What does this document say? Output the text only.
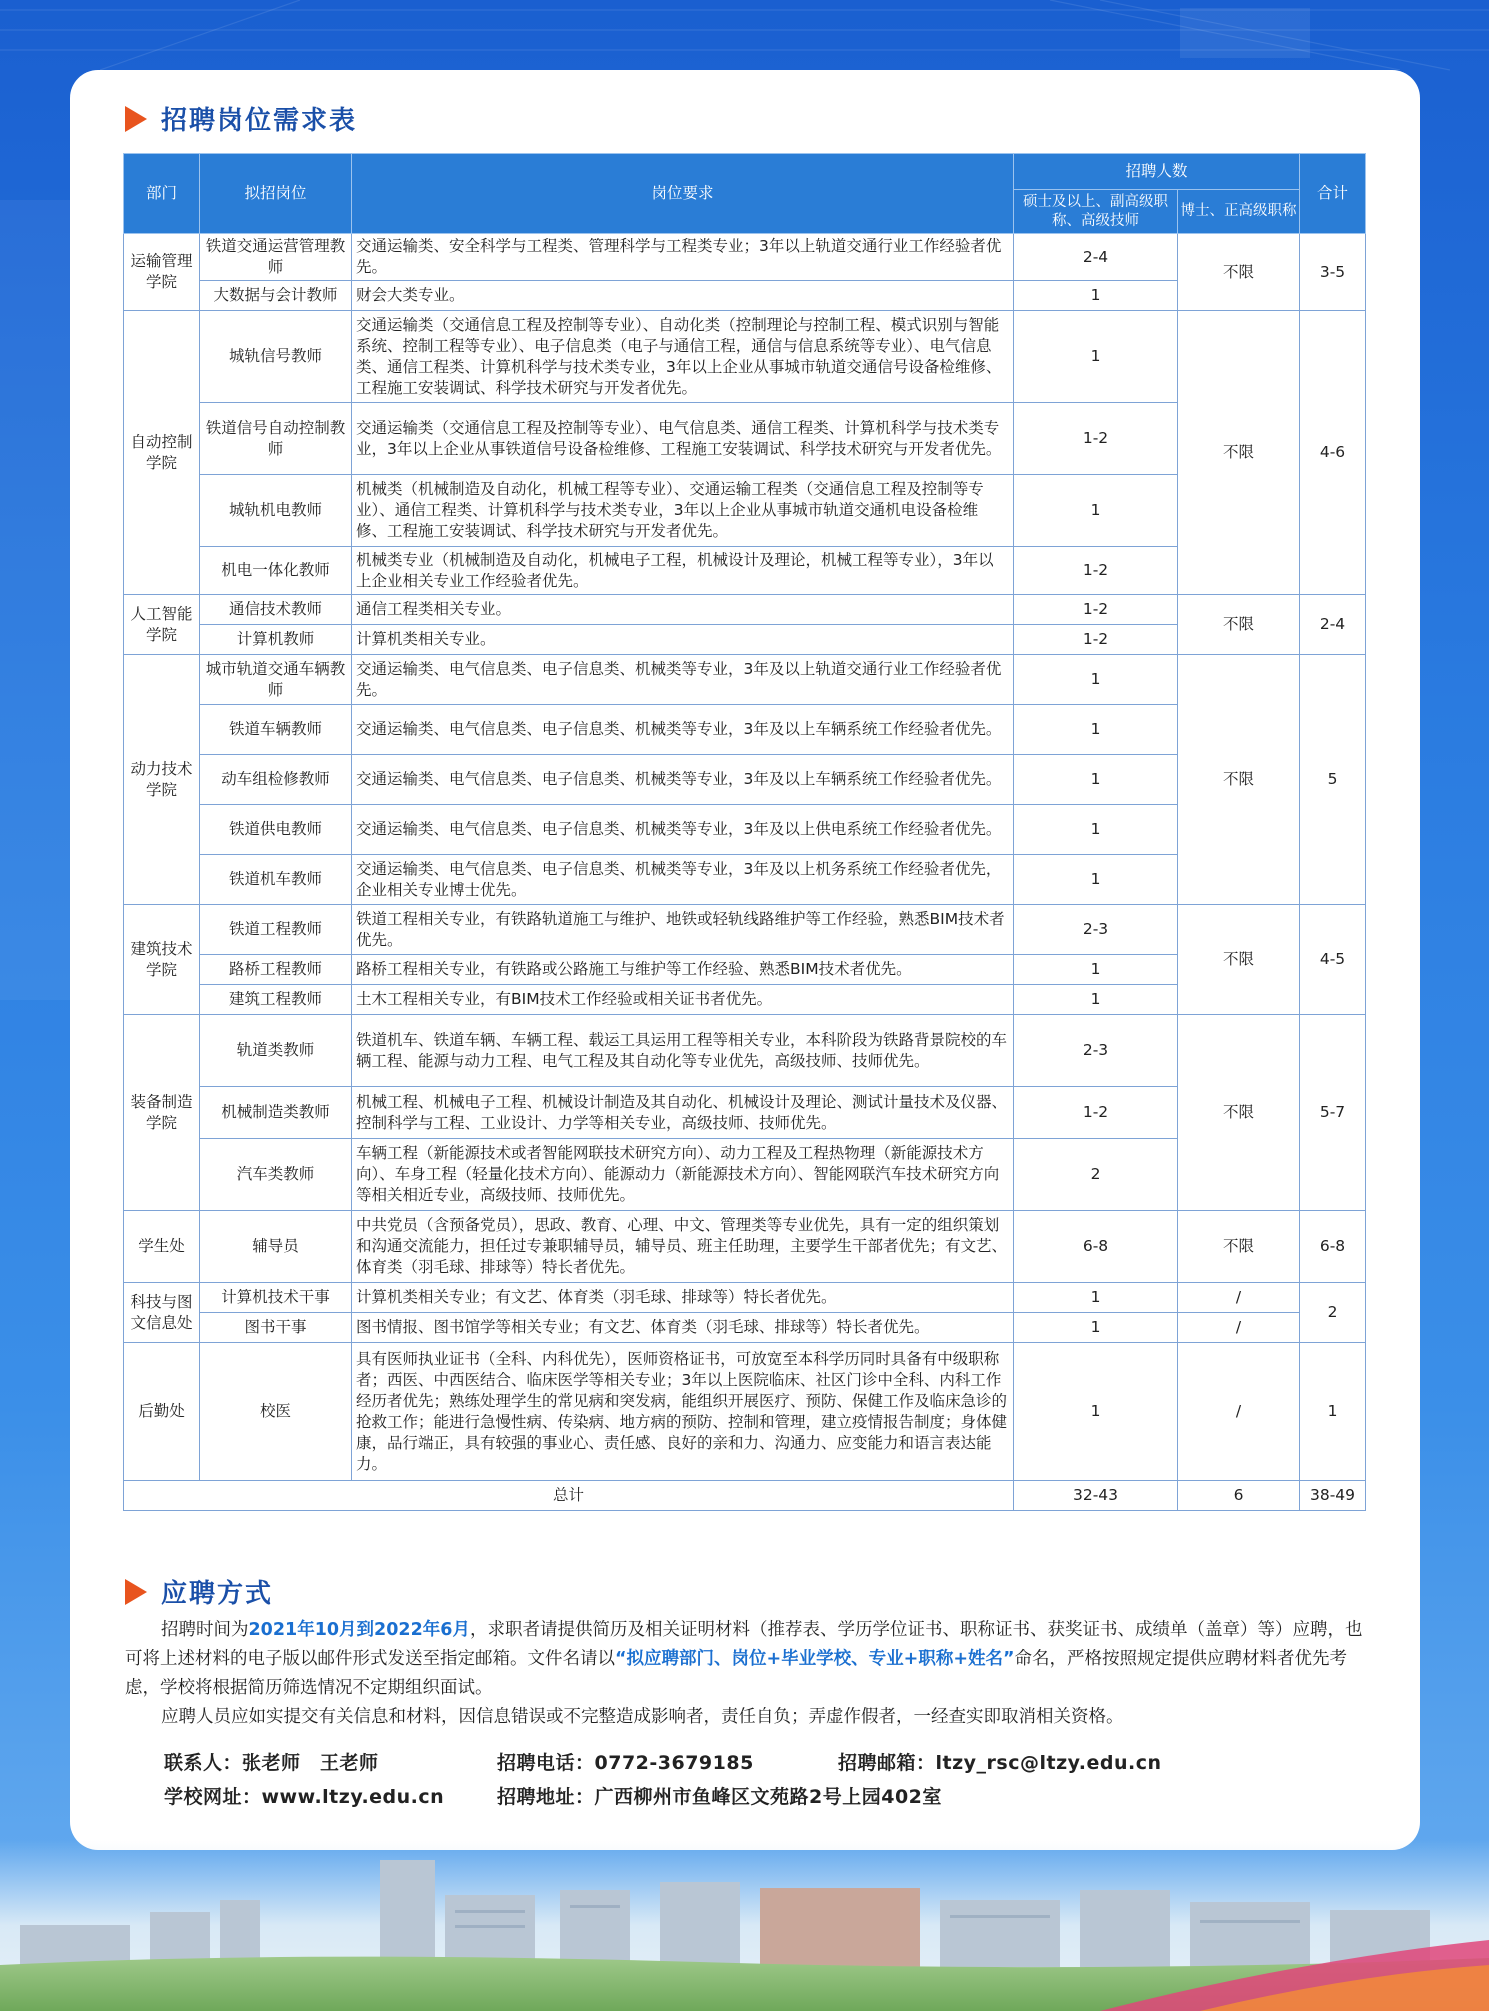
招聘岗位需求表
部门	拟招岗位	岗位要求	招聘人数		合计
			硕士及以上、副高级职称、高级技师	博士、正高级职称	
运输管理学院	铁道交通运营管理教师	交通运输类、安全科学与工程类、管理科学与工程类专业；3年以上轨道交通行业工作经验者优先。	2-4	不限	3-5
	大数据与会计教师	财会大类专业。	1		
自动控制学院	城轨信号教师	交通运输类（交通信息工程及控制等专业）、自动化类（控制理论与控制工程、模式识别与智能系统、控制工程等专业）、电子信息类（电子与通信工程，通信与信息系统等专业）、电气信息类、通信工程类、计算机科学与技术类专业，3年以上企业从事城市轨道交通信号设备检维修、工程施工安装调试、科学技术研究与开发者优先。	1	不限	4-6
	铁道信号自动控制教师	交通运输类（交通信息工程及控制等专业）、电气信息类、通信工程类、计算机科学与技术类专业，3年以上企业从事铁道信号设备检维修、工程施工安装调试、科学技术研究与开发者优先。	1-2		
	城轨机电教师	机械类（机械制造及自动化，机械工程等专业）、交通运输工程类（交通信息工程及控制等专业）、通信工程类、计算机科学与技术类专业，3年以上企业从事城市轨道交通机电设备检维修、工程施工安装调试、科学技术研究与开发者优先。	1		
	机电一体化教师	机械类专业（机械制造及自动化，机械电子工程，机械设计及理论，机械工程等专业），3年以上企业相关专业工作经验者优先。	1-2		
人工智能学院	通信技术教师	通信工程类相关专业。	1-2	不限	2-4
	计算机教师	计算机类相关专业。	1-2		
动力技术学院	城市轨道交通车辆教师	交通运输类、电气信息类、电子信息类、机械类等专业，3年及以上轨道交通行业工作经验者优先。	1	不限	5
	铁道车辆教师	交通运输类、电气信息类、电子信息类、机械类等专业，3年及以上车辆系统工作经验者优先。	1		
	动车组检修教师	交通运输类、电气信息类、电子信息类、机械类等专业，3年及以上车辆系统工作经验者优先。	1		
	铁道供电教师	交通运输类、电气信息类、电子信息类、机械类等专业，3年及以上供电系统工作经验者优先。	1		
	铁道机车教师	交通运输类、电气信息类、电子信息类、机械类等专业，3年及以上机务系统工作经验者优先，企业相关专业博士优先。	1		
建筑技术学院	铁道工程教师	铁道工程相关专业，有铁路轨道施工与维护、地铁或轻轨线路维护等工作经验，熟悉BIM技术者优先。	2-3	不限	4-5
	路桥工程教师	路桥工程相关专业，有铁路或公路施工与维护等工作经验、熟悉BIM技术者优先。	1		
	建筑工程教师	土木工程相关专业，有BIM技术工作经验或相关证书者优先。	1		
装备制造学院	轨道类教师	铁道机车、铁道车辆、车辆工程、载运工具运用工程等相关专业，本科阶段为铁路背景院校的车辆工程、能源与动力工程、电气工程及其自动化等专业优先，高级技师、技师优先。	2-3	不限	5-7
	机械制造类教师	机械工程、机械电子工程、机械设计制造及其自动化、机械设计及理论、测试计量技术及仪器、控制科学与工程、工业设计、力学等相关专业，高级技师、技师优先。	1-2		
	汽车类教师	车辆工程（新能源技术或者智能网联技术研究方向）、动力工程及工程热物理（新能源技术方向）、车身工程（轻量化技术方向）、能源动力（新能源技术方向）、智能网联汽车技术研究方向等相关相近专业，高级技师、技师优先。	2		
学生处	辅导员	中共党员（含预备党员），思政、教育、心理、中文、管理类等专业优先，具有一定的组织策划和沟通交流能力，担任过专兼职辅导员，辅导员、班主任助理，主要学生干部者优先；有文艺、体育类（羽毛球、排球等）特长者优先。	6-8	不限	6-8
科技与图文信息处	计算机技术干事	计算机类相关专业；有文艺、体育类（羽毛球、排球等）特长者优先。	1	/	2
	图书干事	图书情报、图书馆学等相关专业；有文艺、体育类（羽毛球、排球等）特长者优先。	1	/	
后勤处	校医	具有医师执业证书（全科、内科优先），医师资格证书，可放宽至本科学历同时具备有中级职称者；西医、中西医结合、临床医学等相关专业；3年以上医院临床、社区门诊中全科、内科工作经历者优先；熟练处理学生的常见病和突发病，能组织开展医疗、预防、保健工作及临床急诊的抢救工作；能进行急慢性病、传染病、地方病的预防、控制和管理，建立疫情报告制度；身体健康，品行端正，具有较强的事业心、责任感、良好的亲和力、沟通力、应变能力和语言表达能力。	1	/	1
总计			32-43	6	38-49
应聘方式

招聘时间为2021年10月到2022年6月，求职者请提供简历及相关证明材料（推荐表、学历学位证书、职称证书、获奖证书、成绩单（盖章）等）应聘，也可将上述材料的电子版以邮件形式发送至指定邮箱。文件名请以“拟应聘部门、岗位+毕业学校、专业+职称+姓名”命名，严格按照规定提供应聘材料者优先考虑，学校将根据简历筛选情况不定期组织面试。

应聘人员应如实提交有关信息和材料，因信息错误或不完整造成影响者，责任自负；弄虚作假者，一经查实即取消相关资格。

联系人：张老师　王老师	招聘电话：0772-3679185	招聘邮箱：ltzy_rsc@ltzy.edu.cn
学校网址：www.ltzy.edu.cn	招聘地址：广西柳州市鱼峰区文苑路2号上园402室
